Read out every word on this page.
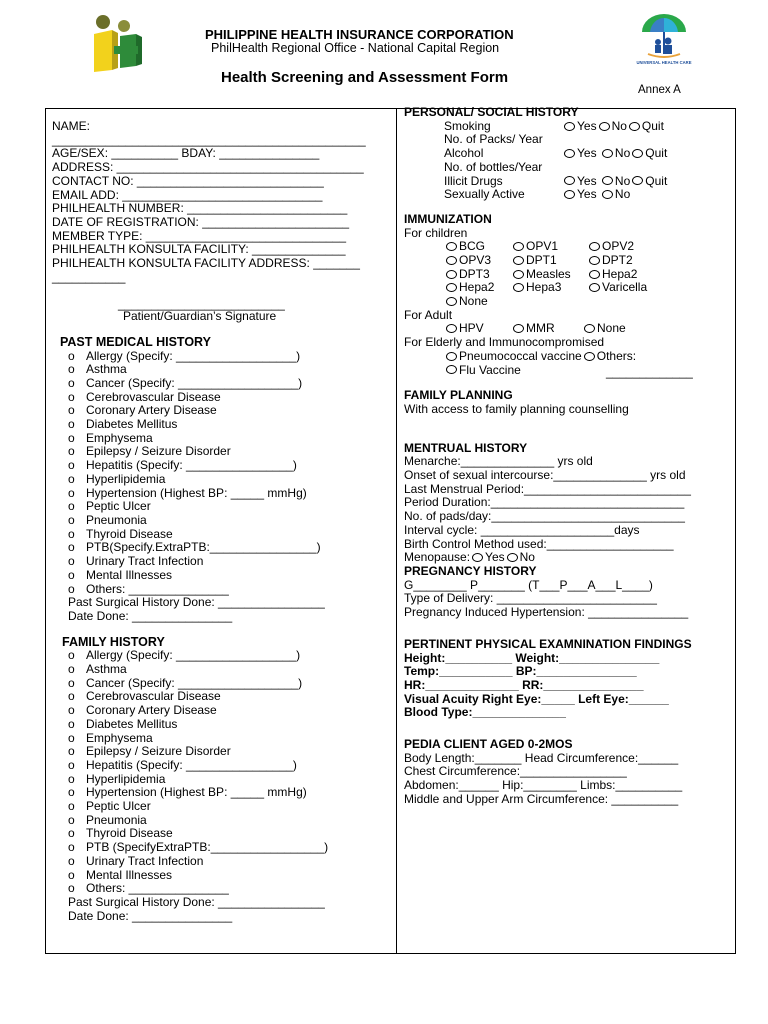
UNIVERSAL HEALTH CARE
PHILIPPINE HEALTH INSURANCE CORPORATION
PhilHealth Regional Office - National Capital Region
Health Screening and Assessment Form
Annex A
NAME:
_______________________________________________
AGE/SEX: __________ BDAY: _______________
ADDRESS: _____________________________________
CONTACT NO: ____________________________
EMAIL ADD: ______________________________
PHILHEALTH NUMBER: ________________________
DATE OF REGISTRATION: ______________________
MEMBER TYPE: ______________________________
PHILHEALTH KONSULTA FACILITY: ______________
PHILHEALTH KONSULTA FACILITY ADDRESS: _______
___________
_________________________
Patient/Guardian’s Signature
PAST MEDICAL HISTORY
o Allergy (Specify: __________________)
o Asthma
o Cancer (Specify: __________________)
o Cerebrovascular Disease
o Coronary Artery Disease
o Diabetes Mellitus
o Emphysema
o Epilepsy / Seizure Disorder
o Hepatitis (Specify: ________________)
o Hyperlipidemia
o Hypertension (Highest BP: _____ mmHg)
o Peptic Ulcer
o Pneumonia
o Thyroid Disease
o PTB(Specify.ExtraPTB:________________)
o Urinary Tract Infection
o Mental Illnesses
o Others: _______________
Past Surgical History Done: ________________
Date Done: _______________
FAMILY HISTORY
o Allergy (Specify: __________________)
o Asthma
o Cancer (Specify: __________________)
o Cerebrovascular Disease
o Coronary Artery Disease
o Diabetes Mellitus
o Emphysema
o Epilepsy / Seizure Disorder
o Hepatitis (Specify: ________________)
o Hyperlipidemia
o Hypertension (Highest BP: _____ mmHg)
o Peptic Ulcer
o Pneumonia
o Thyroid Disease
o PTB (SpecifyExtraPTB:_________________)
o Urinary Tract Infection
o Mental Illnesses
o Others: _______________
Past Surgical History Done: ________________
Date Done: _______________
PERSONAL/ SOCIAL HISTORY
Smoking	Yes No Quit
No. of Packs/ Year
Alcohol	Yes No Quit
No. of bottles/Year
Illicit Drugs	Yes No Quit
Sexually Active	Yes No
IMMUNIZATION
For children
BCG	OPV1	OPV2
OPV3	DPT1	DPT2
DPT3	Measles	Hepa2
Hepa2	Hepa3	Varicella
None
For Adult
HPV	MMR	None
For Elderly and Immunocompromised
Pneumococcal vaccine Others:
Flu Vaccine	_____________
FAMILY PLANNING
With access to family planning counselling
MENTRUAL HISTORY
Menarche:______________ yrs old
Onset of sexual intercourse:______________ yrs old
Last Menstrual Period:_________________________
Period Duration:_____________________________
No. of pads/day:_____________________________
Interval cycle: ____________________days
Birth Control Method used:___________________
Menopause: Yes No
PREGNANCY HISTORY
G________ P_______ (T___P___A___L____)
Type of Delivery: ________________________
Pregnancy Induced Hypertension: _______________
PERTINENT PHYSICAL EXAMNINATION FINDINGS
Height:__________ Weight:_______________
Temp:___________ BP:_______________
HR:______________ RR:_______________
Visual Acuity Right Eye:_____ Left Eye:______
Blood Type:______________
PEDIA CLIENT AGED 0-2MOS
Body Length:_______ Head Circumference:______
Chest Circumference:________________
Abdomen:______ Hip:________ Limbs:__________
Middle and Upper Arm Circumference: __________
